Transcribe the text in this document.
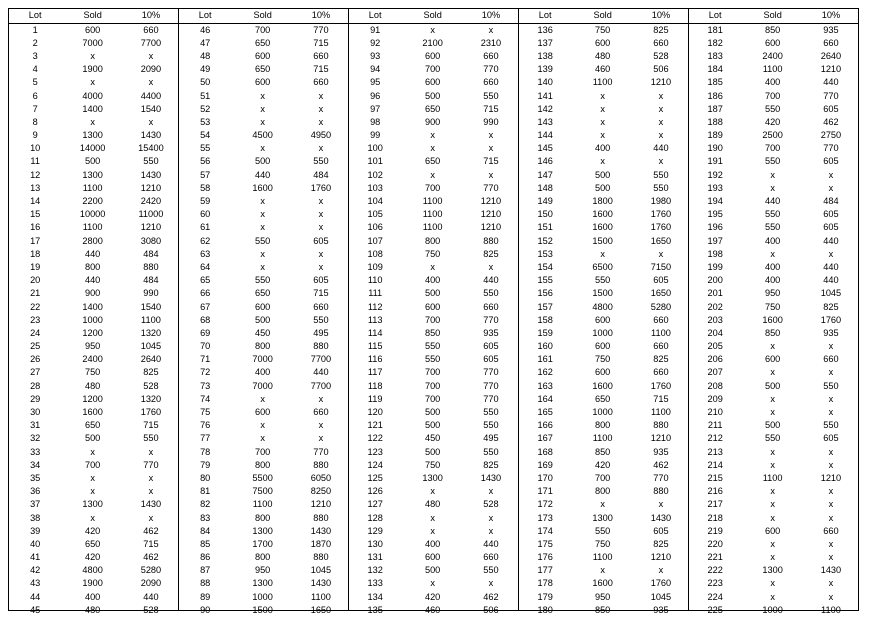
Lot	Sold	10%
1	600	660
2	7000	7700
3	x	x
4	1900	2090
5	x	x
6	4000	4400
7	1400	1540
8	x	x
9	1300	1430
10	14000	15400
11	500	550
12	1300	1430
13	1100	1210
14	2200	2420
15	10000	11000
16	1100	1210
17	2800	3080
18	440	484
19	800	880
20	440	484
21	900	990
22	1400	1540
23	1000	1100
24	1200	1320
25	950	1045
26	2400	2640
27	750	825
28	480	528
29	1200	1320
30	1600	1760
31	650	715
32	500	550
33	x	x
34	700	770
35	x	x
36	x	x
37	1300	1430
38	x	x
39	420	462
40	650	715
41	420	462
42	4800	5280
43	1900	2090
44	400	440
45	480	528
Lot	Sold	10%
46	700	770
47	650	715
48	600	660
49	650	715
50	600	660
51	x	x
52	x	x
53	x	x
54	4500	4950
55	x	x
56	500	550
57	440	484
58	1600	1760
59	x	x
60	x	x
61	x	x
62	550	605
63	x	x
64	x	x
65	550	605
66	650	715
67	600	660
68	500	550
69	450	495
70	800	880
71	7000	7700
72	400	440
73	7000	7700
74	x	x
75	600	660
76	x	x
77	x	x
78	700	770
79	800	880
80	5500	6050
81	7500	8250
82	1100	1210
83	800	880
84	1300	1430
85	1700	1870
86	800	880
87	950	1045
88	1300	1430
89	1000	1100
90	1500	1650
Lot	Sold	10%
91	x	x
92	2100	2310
93	600	660
94	700	770
95	600	660
96	500	550
97	650	715
98	900	990
99	x	x
100	x	x
101	650	715
102	x	x
103	700	770
104	1100	1210
105	1100	1210
106	1100	1210
107	800	880
108	750	825
109	x	x
110	400	440
111	500	550
112	600	660
113	700	770
114	850	935
115	550	605
116	550	605
117	700	770
118	700	770
119	700	770
120	500	550
121	500	550
122	450	495
123	500	550
124	750	825
125	1300	1430
126	x	x
127	480	528
128	x	x
129	x	x
130	400	440
131	600	660
132	500	550
133	x	x
134	420	462
135	460	506
Lot	Sold	10%
136	750	825
137	600	660
138	480	528
139	460	506
140	1100	1210
141	x	x
142	x	x
143	x	x
144	x	x
145	400	440
146	x	x
147	500	550
148	500	550
149	1800	1980
150	1600	1760
151	1600	1760
152	1500	1650
153	x	x
154	6500	7150
155	550	605
156	1500	1650
157	4800	5280
158	600	660
159	1000	1100
160	600	660
161	750	825
162	600	660
163	1600	1760
164	650	715
165	1000	1100
166	800	880
167	1100	1210
168	850	935
169	420	462
170	700	770
171	800	880
172	x	x
173	1300	1430
174	550	605
175	750	825
176	1100	1210
177	x	x
178	1600	1760
179	950	1045
180	850	935
Lot	Sold	10%
181	850	935
182	600	660
183	2400	2640
184	1100	1210
185	400	440
186	700	770
187	550	605
188	420	462
189	2500	2750
190	700	770
191	550	605
192	x	x
193	x	x
194	440	484
195	550	605
196	550	605
197	400	440
198	x	x
199	400	440
200	400	440
201	950	1045
202	750	825
203	1600	1760
204	850	935
205	x	x
206	600	660
207	x	x
208	500	550
209	x	x
210	x	x
211	500	550
212	550	605
213	x	x
214	x	x
215	1100	1210
216	x	x
217	x	x
218	x	x
219	600	660
220	x	x
221	x	x
222	1300	1430
223	x	x
224	x	x
225	1000	1100
